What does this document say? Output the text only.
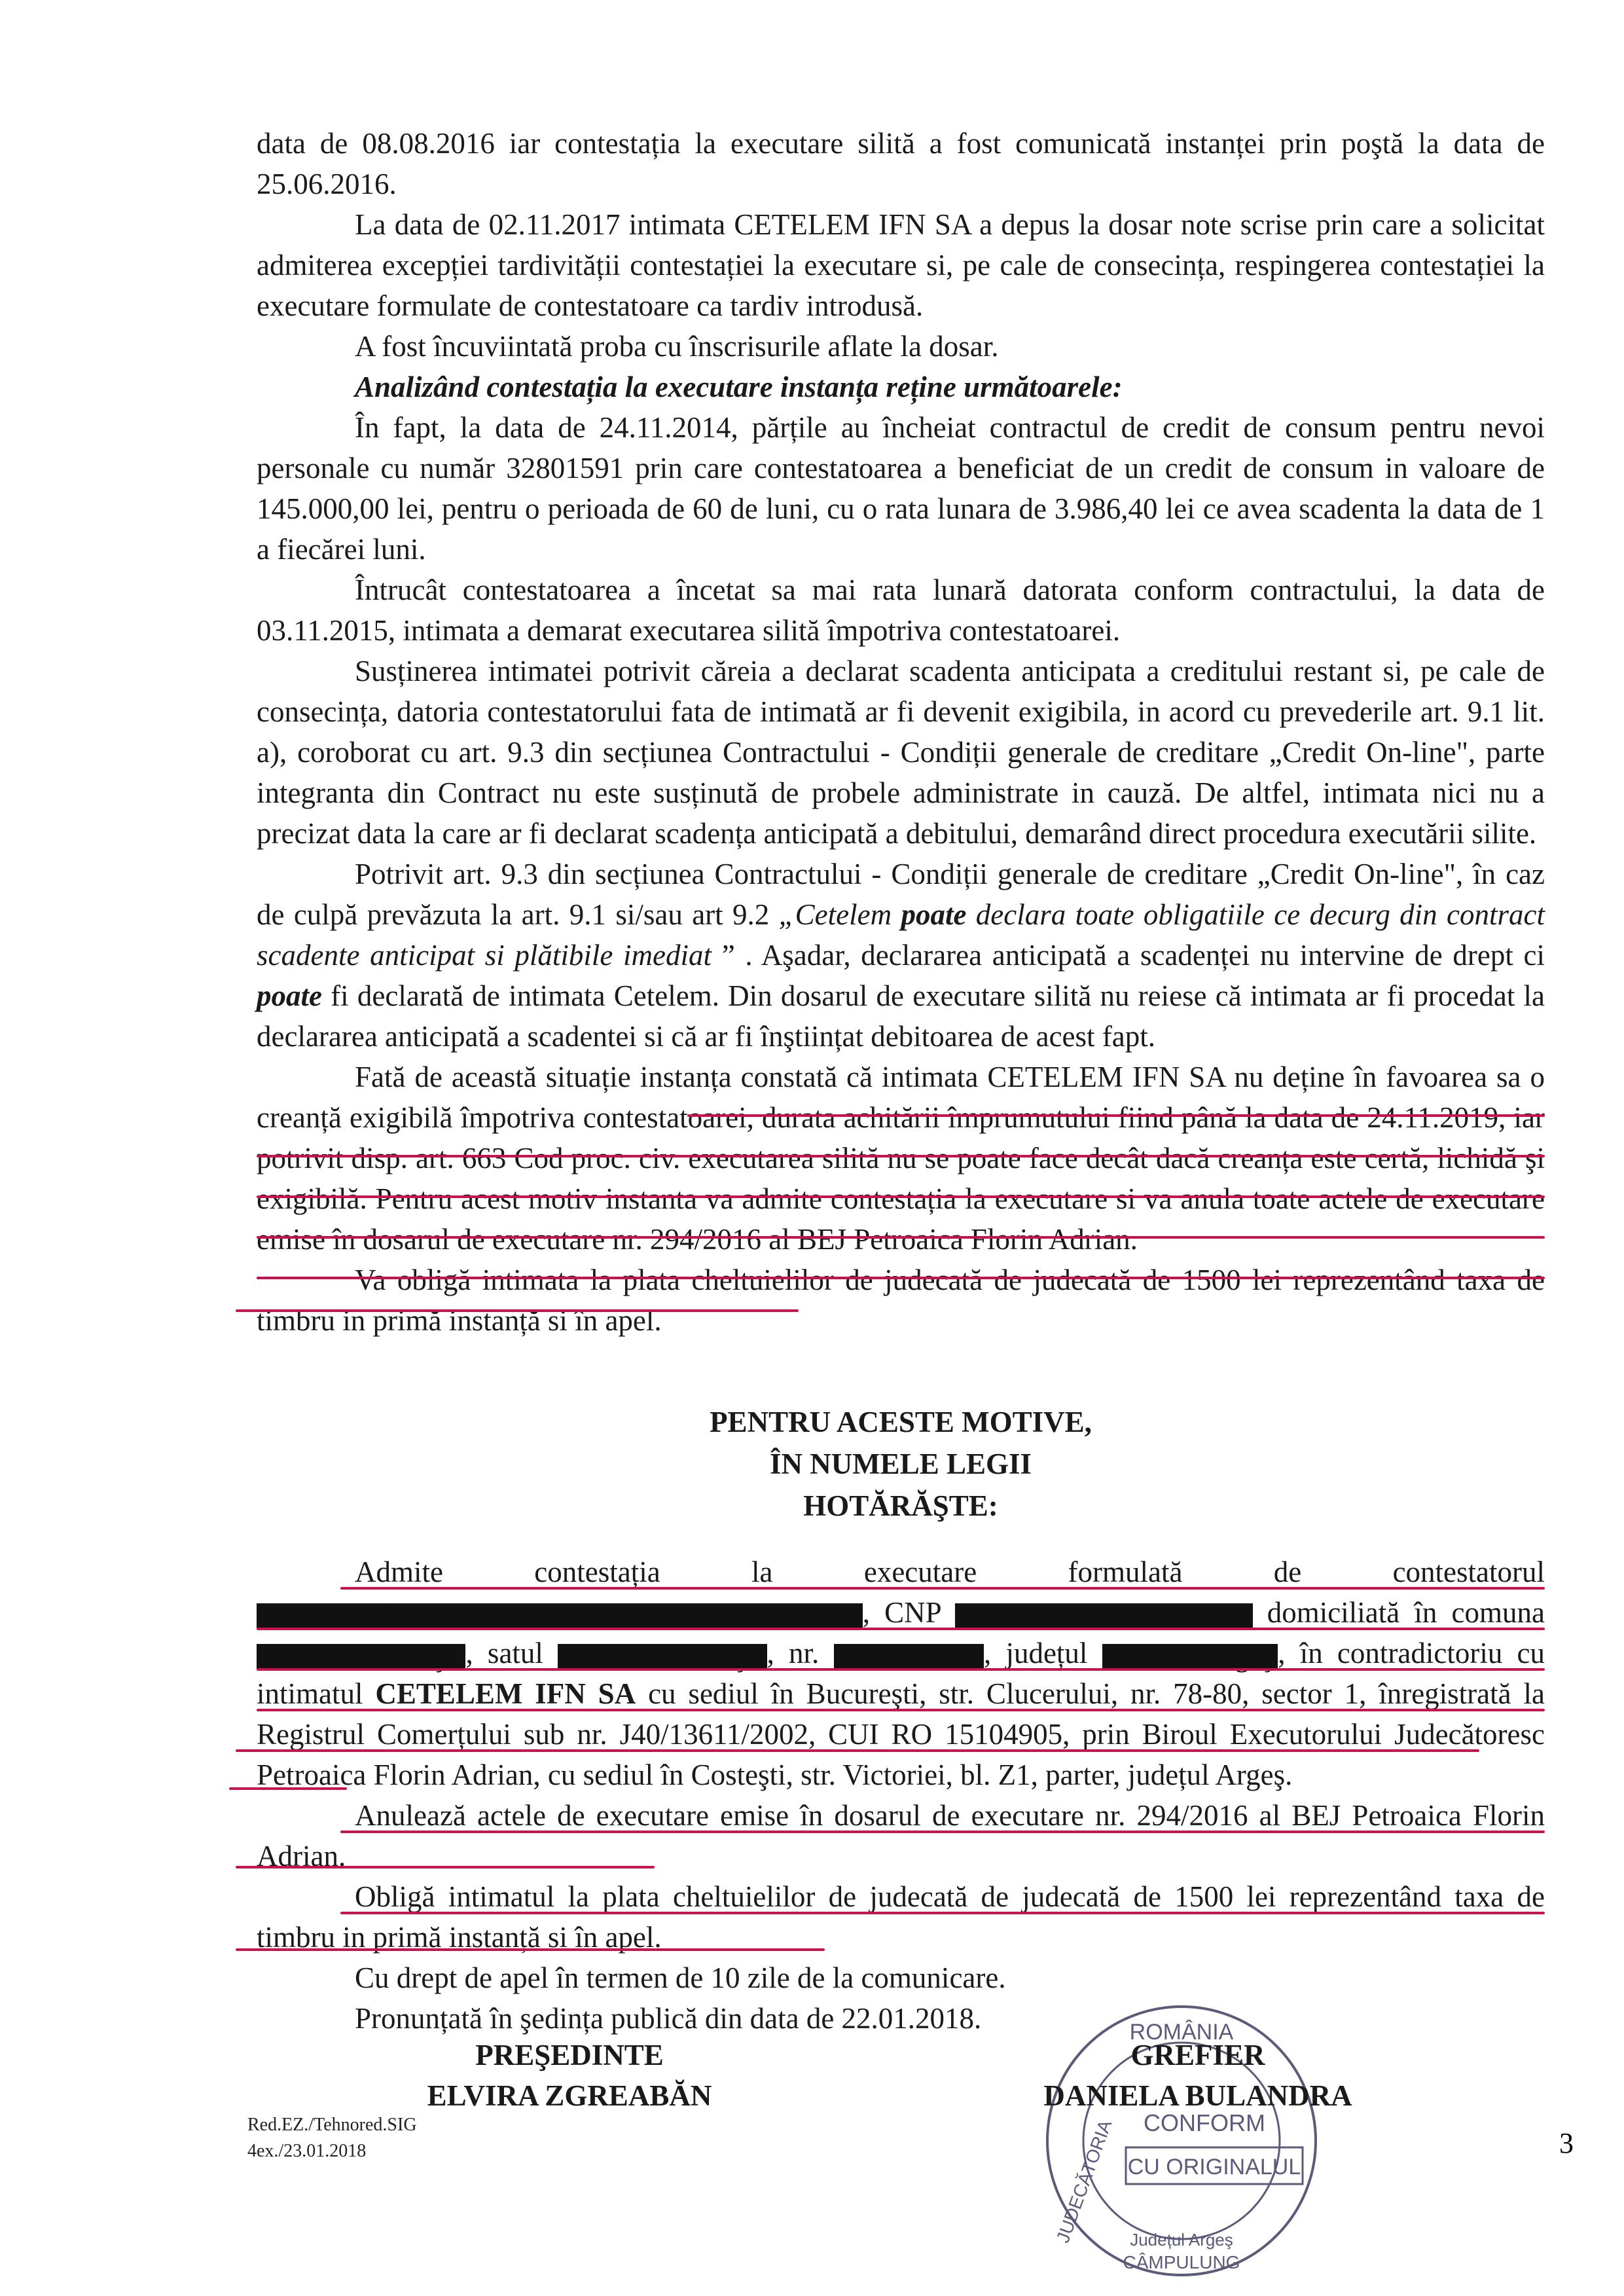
data de 08.08.2016 iar contestația la executare silită a fost comunicată instanței prin poştă la data de 25.06.2016.

La data de 02.11.2017 intimata CETELEM IFN SA a depus la dosar note scrise prin care a solicitat admiterea excepției tardivității contestației la executare si, pe cale de consecința, respingerea contestației la executare formulate de contestatoare ca tardiv introdusă.

A fost încuviintată proba cu înscrisurile aflate la dosar.

Analizând contestația la executare instanța reține următoarele:

În fapt, la data de 24.11.2014, părțile au încheiat contractul de credit de consum pentru nevoi personale cu număr 32801591 prin care contestatoarea a beneficiat de un credit de consum in valoare de 145.000,00 lei, pentru o perioada de 60 de luni, cu o rata lunara de 3.986,40 lei ce avea scadenta la data de 1 a fiecărei luni.

Întrucât contestatoarea a încetat sa mai rata lunară datorata conform contractului, la data de 03.11.2015, intimata a demarat executarea silită împotriva contestatoarei.

Susținerea intimatei potrivit căreia a declarat scadenta anticipata a creditului restant si, pe cale de consecința, datoria contestatorului fata de intimată ar fi devenit exigibila, in acord cu prevederile art. 9.1 lit. a), coroborat cu art. 9.3 din secțiunea Contractului - Condiții generale de creditare „Credit On-line", parte integranta din Contract nu este susținută de probele administrate in cauză. De altfel, intimata nici nu a precizat data la care ar fi declarat scadența anticipată a debitului, demarând direct procedura executării silite.

Potrivit art. 9.3 din secțiunea Contractului - Condiții generale de creditare „Credit On-line", în caz de culpă prevăzuta la art. 9.1 si/sau art 9.2 „Cetelem poate declara toate obligatiile ce decurg din contract scadente anticipat si plătibile imediat ” . Aşadar, declararea anticipată a scadenței nu intervine de drept ci poate fi declarată de intimata Cetelem. Din dosarul de executare silită nu reiese că intimata ar fi procedat la declararea anticipată a scadentei si că ar fi înştiințat debitoarea de acest fapt.

Fată de această situație instanța constată că intimata CETELEM IFN SA nu deține în favoarea sa o creanță exigibilă împotriva contestatoarei, durata achitării împrumutului fiind până la data de 24.11.2019, iar potrivit disp. art. 663 Cod proc. civ. executarea silită nu se poate face decât dacă creanța este certă, lichidă şi exigibilă. Pentru acest motiv instanta va admite contestația la executare si va anula toate actele de executare emise în dosarul de executare nr. 294/2016 al BEJ Petroaica Florin Adrian.

Va obligă intimata la plata cheltuielilor de judecată de judecată de 1500 lei reprezentând taxa de timbru in primă instanță si în apel.

PENTRU ACESTE MOTIVE,
ÎN NUMELE LEGII
HOTĂRĂŞTE:

Admite contestația la executare formulată de contestatorul MECHENICI ALEXANDRA – LORENA , CNP	2860516204993 domiciliată în comuna Mihaeşti , satul	Mihaeşti , nr.	276 , județul	Argeş , în contradictoriu cu intimatul CETELEM IFN SA cu sediul în Bucureşti, str. Clucerului, nr. 78-80, sector 1, înregistrată la Registrul Comerțului sub nr. J40/13611/2002, CUI RO 15104905, prin Biroul Executorului Judecătoresc Petroaica Florin Adrian, cu sediul în Costeşti, str. Victoriei, bl. Z1, parter, județul Argeş.

Anulează actele de executare emise în dosarul de executare nr. 294/2016 al BEJ Petroaica Florin Adrian.

Obligă intimatul la plata cheltuielilor de judecată de judecată de 1500 lei reprezentând taxa de timbru in primă instanță si în apel.

Cu drept de apel în termen de 10 zile de la comunicare.

Pronunțată în şedința publică din data de 22.01.2018.

PREŞEDINTE
ELVIRA ZGREABĂN
ROMÂNIA
JUDECĂTORIA Județul Argeş
CÂMPULUNG
CONFORM
CU ORIGINALUL
GREFIER
DANIELA BULANDRA
Red.EZ./Tehnored.SIG
4ex./23.01.2018	3
